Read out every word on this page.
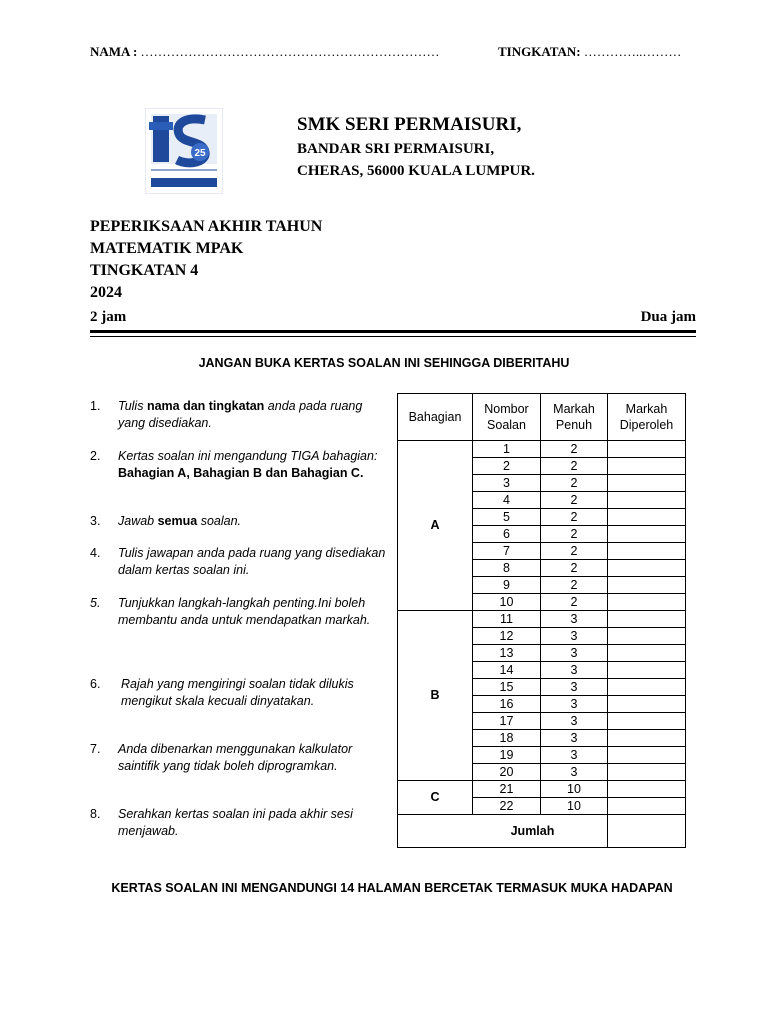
NAMA : ……………………………………………………………	TINGKATAN: …………..………
25
SMK SERI PERMAISURI,
BANDAR SRI PERMAISURI,
CHERAS, 56000 KUALA LUMPUR.
PEPERIKSAAN AKHIR TAHUN
MATEMATIK MPAK
TINGKATAN 4
2024
2 jam	Dua jam
JANGAN BUKA KERTAS SOALAN INI SEHINGGA DIBERITAHU
1. Tulis nama dan tingkatan anda pada ruang yang disediakan.
2. Kertas soalan ini mengandung TIGA bahagian: Bahagian A, Bahagian B dan Bahagian C.
3. Jawab semua soalan.
4. Tulis jawapan anda pada ruang yang disediakan dalam kertas soalan ini.
5. Tunjukkan langkah-langkah penting.Ini boleh membantu anda untuk mendapatkan markah.
6. Rajah yang mengiringi soalan tidak dilukis mengikut skala kecuali dinyatakan.
7. Anda dibenarkan menggunakan kalkulator saintifik yang tidak boleh diprogramkan.
8. Serahkan kertas soalan ini pada akhir sesi menjawab.
Bahagian	Nombor Soalan	Markah Penuh	Markah Diperoleh
A	1	2	
	2	2	
	3	2	
	4	2	
	5	2	
	6	2	
	7	2	
	8	2	
	9	2	
	10	2	
B	11	3	
	12	3	
	13	3	
	14	3	
	15	3	
	16	3	
	17	3	
	18	3	
	19	3	
	20	3	
C	21	10	
	22	10	
Jumlah			
KERTAS SOALAN INI MENGANDUNGI 14 HALAMAN BERCETAK TERMASUK MUKA HADAPAN
